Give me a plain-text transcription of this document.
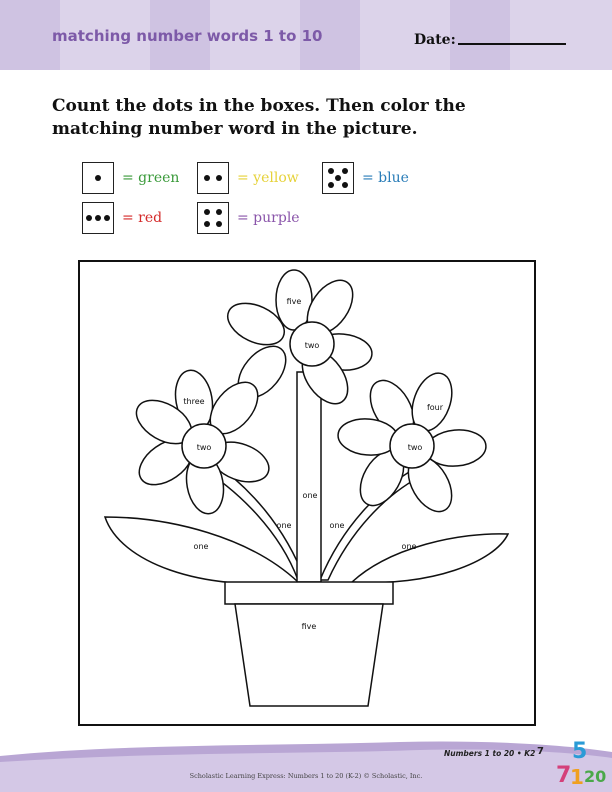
matching number words 1 to 10	Date:
Count the dots in the boxes. Then color the matching number word in the picture.
= green	= yellow	= blue
= red	= purple
five
two
three
two
four
two
one
one	one
one	one
five
Numbers 1 to 20 • K2 7
Scholastic Learning Express: Numbers 1 to 20 (K-2) © Scholastic, Inc.
5
7
1 20
